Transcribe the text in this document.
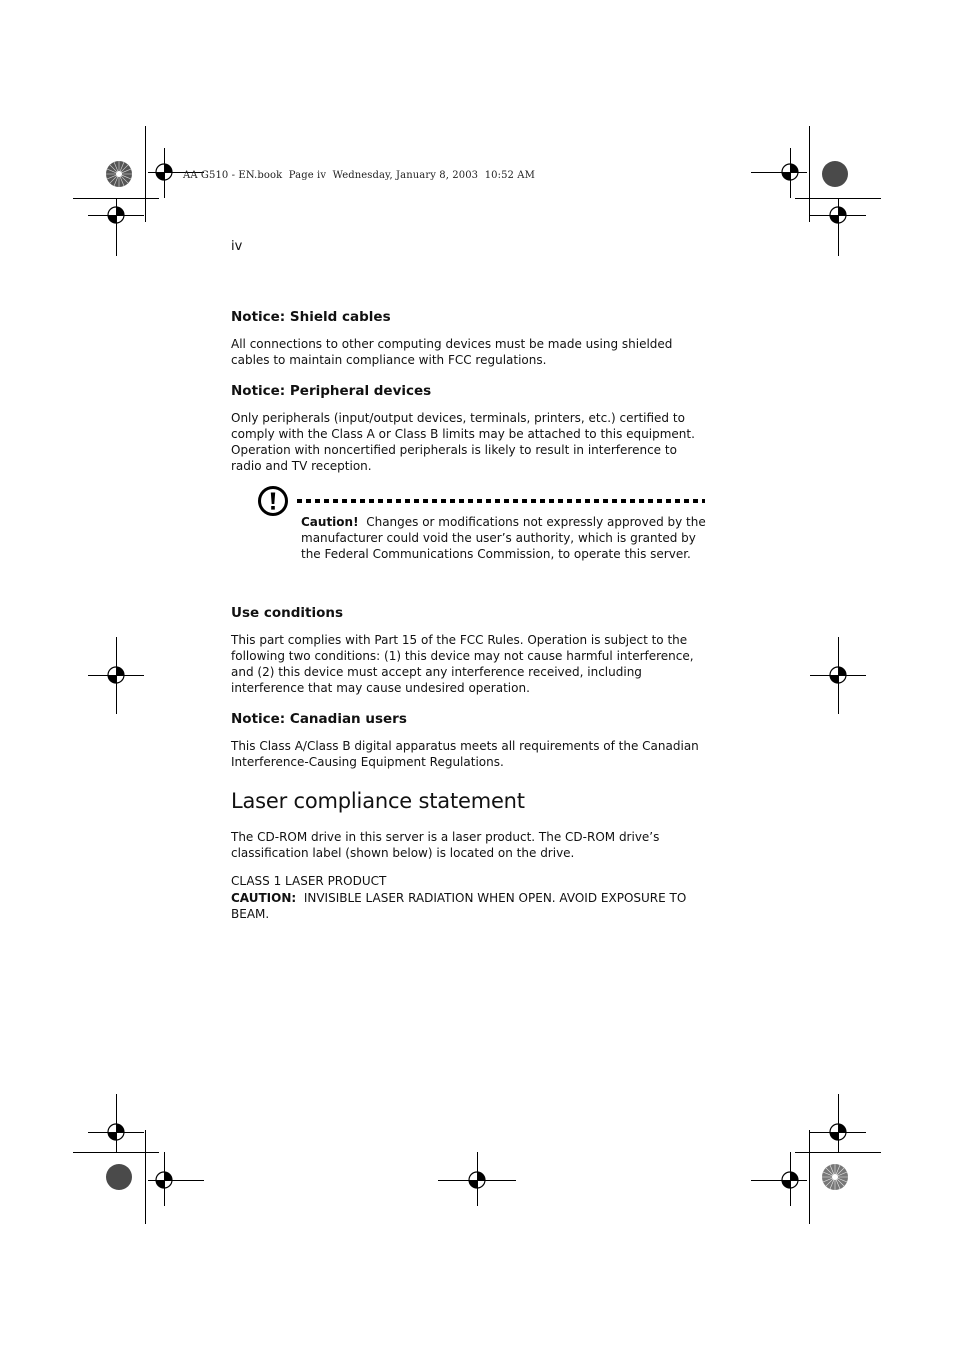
AA G510 - EN.book  Page iv  Wednesday, January 8, 2003  10:52 AM
iv
Notice: Shield cables
All connections to other computing devices must be made using shielded cables to maintain compliance with FCC regulations.
Notice: Peripheral devices
Only peripherals (input/output devices, terminals, printers, etc.) certified to comply with the Class A or Class B limits may be attached to this equipment. Operation with noncertified peripherals is likely to result in interference to radio and TV reception.
Caution! Changes or modifications not expressly approved by the manufacturer could void the user’s authority, which is granted by the Federal Communications Commission, to operate this server.
Use conditions
This part complies with Part 15 of the FCC Rules. Operation is subject to the following two conditions: (1) this device may not cause harmful interference, and (2) this device must accept any interference received, including interference that may cause undesired operation.
Notice: Canadian users
This Class A/Class B digital apparatus meets all requirements of the Canadian Interference-Causing Equipment Regulations.
Laser compliance statement
The CD-ROM drive in this server is a laser product. The CD-ROM drive’s classification label (shown below) is located on the drive.
CLASS 1 LASER PRODUCT
CAUTION: INVISIBLE LASER RADIATION WHEN OPEN. AVOID EXPOSURE TO BEAM.
